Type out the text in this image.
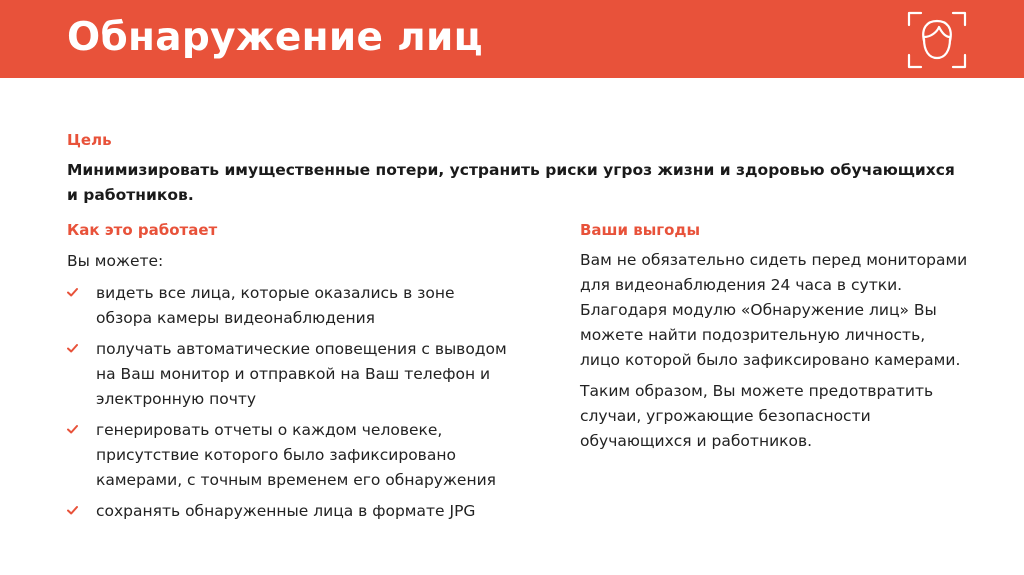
Обнаружение лиц

Цель

Минимизировать имущественные потери, устранить риски угроз жизни и здоровью обучающихся и работников.

Как это работает

Вы можете:

видеть все лица, которые оказались в зоне обзора камеры видеонаблюдения
получать автоматические оповещения с выводом на Ваш монитор и отправкой на Ваш телефон и электронную почту
генерировать отчеты о каждом человеке, присутствие которого было зафиксировано камерами, с точным временем его обнаружения
сохранять обнаруженные лица в формате JPG

Ваши выгоды

Вам не обязательно сидеть перед мониторами для видеонаблюдения 24 часа в сутки. Благодаря модулю «Обнаружение лиц» Вы можете найти подозрительную личность, лицо которой было зафиксировано камерами.

Таким образом, Вы можете предотвратить случаи, угрожающие безопасности обучающихся и работников.
